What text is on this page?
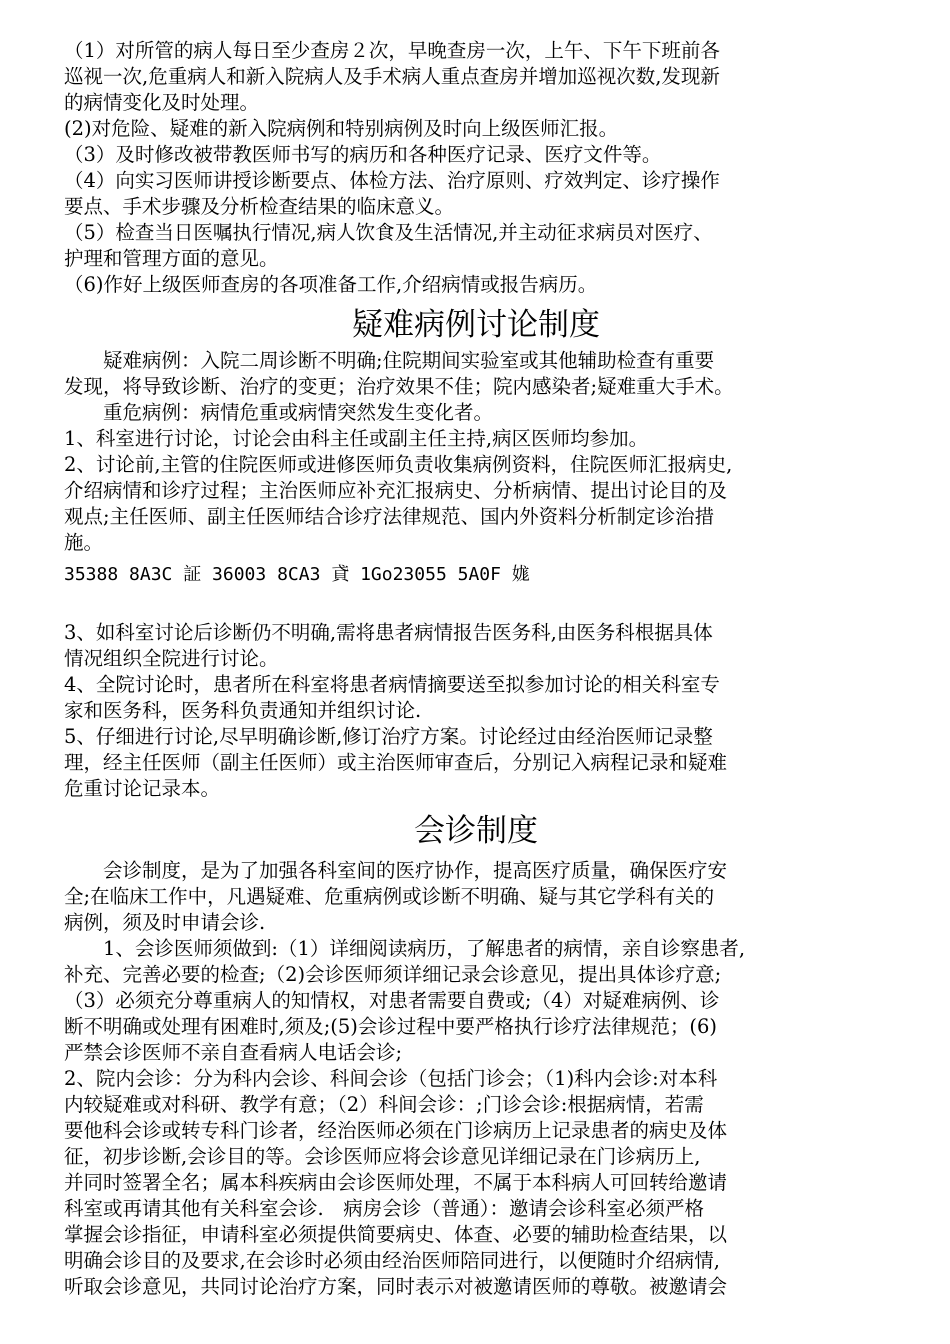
（1）对所管的病人每日至少查房２次，早晚查房一次，上午、下午下班前各
巡视一次,危重病人和新入院病人及手术病人重点查房并增加巡视次数,发现新
的病情变化及时处理。
(2)对危险、疑难的新入院病例和特别病例及时向上级医师汇报。
（3）及时修改被带教医师书写的病历和各种医疗记录、医疗文件等。
（4）向实习医师讲授诊断要点、体检方法、治疗原则、疗效判定、诊疗操作
要点、手术步骤及分析检查结果的临床意义。
（5）检查当日医嘱执行情况,病人饮食及生活情况,并主动征求病员对医疗、
护理和管理方面的意见。
（6)作好上级医师查房的各项准备工作,介绍病情或报告病历。
疑难病例讨论制度
　　疑难病例：入院二周诊断不明确;住院期间实验室或其他辅助检查有重要
发现，将导致诊断、治疗的变更；治疗效果不佳；院内感染者;疑难重大手术。
　　重危病例：病情危重或病情突然发生变化者。
1、科室进行讨论，讨论会由科主任或副主任主持,病区医师均参加。
2、讨论前,主管的住院医师或进修医师负责收集病例资料，住院医师汇报病史,
介绍病情和诊疗过程；主治医师应补充汇报病史、分析病情、提出讨论目的及
观点;主任医师、副主任医师结合诊疗法律规范、国内外资料分析制定诊治措
施。
35388 8A3C 証 36003 8CA3 貣 1Go23055 5A0F 娏
3、如科室讨论后诊断仍不明确,需将患者病情报告医务科,由医务科根据具体
情况组织全院进行讨论。
4、全院讨论时，患者所在科室将患者病情摘要送至拟参加讨论的相关科室专
家和医务科，医务科负责通知并组织讨论.
5、仔细进行讨论,尽早明确诊断,修订治疗方案。讨论经过由经治医师记录整
理，经主任医师（副主任医师）或主治医师审查后，分别记入病程记录和疑难
危重讨论记录本。
会诊制度
　　会诊制度，是为了加强各科室间的医疗协作，提高医疗质量，确保医疗安
全;在临床工作中，凡遇疑难、危重病例或诊断不明确、疑与其它学科有关的
病例，须及时申请会诊.
　　1、会诊医师须做到:（1）详细阅读病历，了解患者的病情，亲自诊察患者,
补充、完善必要的检查;（2)会诊医师须详细记录会诊意见，提出具体诊疗意;
（3）必须充分尊重病人的知情权，对患者需要自费或;（4）对疑难病例、诊
断不明确或处理有困难时,须及;(5)会诊过程中要严格执行诊疗法律规范；(6)
严禁会诊医师不亲自查看病人电话会诊;
2、院内会诊：分为科内会诊、科间会诊（包括门诊会；（1)科内会诊:对本科
内较疑难或对科研、教学有意；（2）科间会诊：;门诊会诊:根据病情，若需
要他科会诊或转专科门诊者，经治医师必须在门诊病历上记录患者的病史及体
征，初步诊断,会诊目的等。会诊医师应将会诊意见详细记录在门诊病历上,
并同时签署全名；属本科疾病由会诊医师处理，不属于本科病人可回转给邀请
科室或再请其他有关科室会诊.　病房会诊（普通）：邀请会诊科室必须严格
掌握会诊指征，申请科室必须提供简要病史、体查、必要的辅助检查结果，以
明确会诊目的及要求,在会诊时必须由经治医师陪同进行，以便随时介绍病情,
听取会诊意见，共同讨论治疗方案，同时表示对被邀请医师的尊敬。被邀请会
